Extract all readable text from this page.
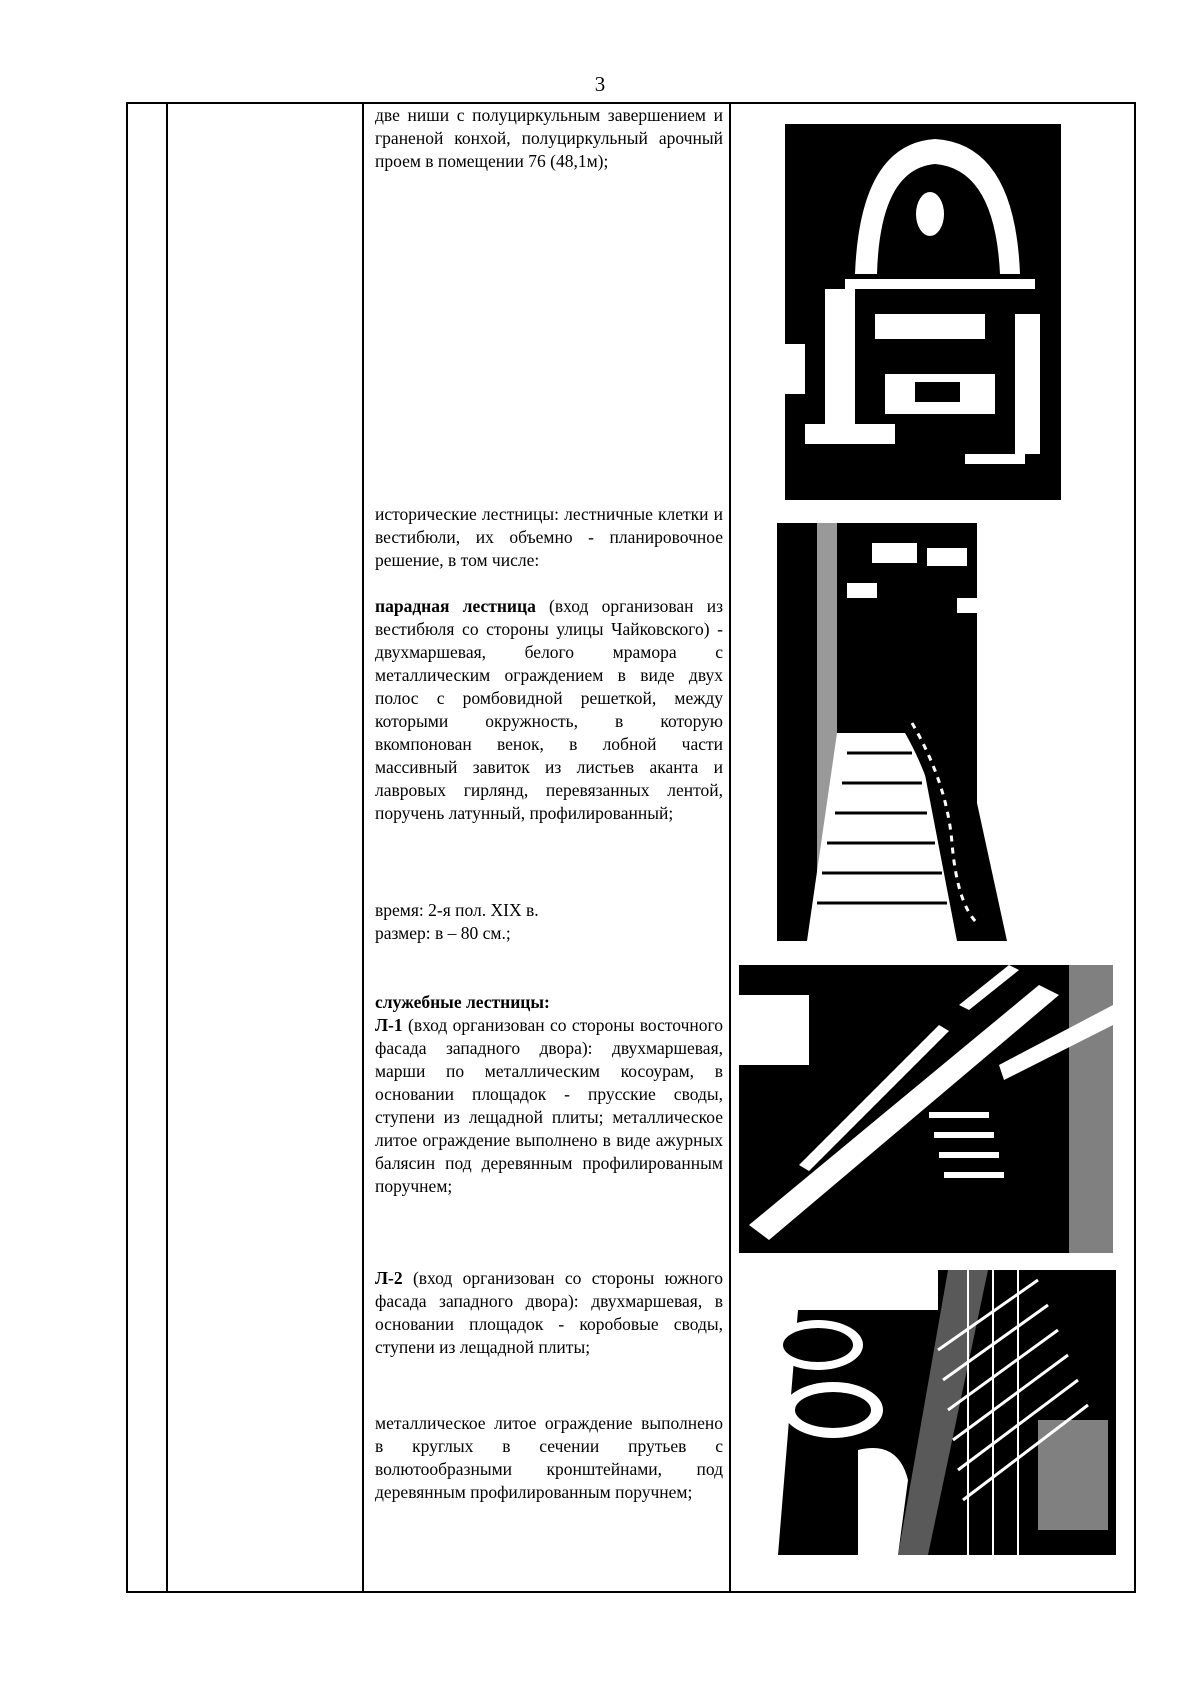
3

две ниши с полуциркульным завершением и граненой конхой, полуциркульный арочный проем в помещении 76 (48,1м);

исторические лестницы: лестничные клетки и вестибюли, их объемно - планировочное решение, в том числе:

парадная лестница (вход организован из вестибюля со стороны улицы Чайковского) - двухмаршевая, белого мрамора с металлическим ограждением в виде двух полос с ромбовидной решеткой, между которыми окружность, в которую вкомпонован венок, в лобной части массивный завиток из листьев аканта и лавровых гирлянд, перевязанных лентой, поручень латунный, профилированный;

время: 2-я пол. XIX в.

размер: в – 80 см.;

служебные лестницы:

Л-1 (вход организован со стороны восточного фасада западного двора): двухмаршевая, марши по металлическим косоурам, в основании площадок - прусские своды, ступени из лещадной плиты; металлическое литое ограждение выполнено в виде ажурных балясин под деревянным профилированным поручнем;

Л-2 (вход организован со стороны южного фасада западного двора): двухмаршевая, в основании площадок - коробовые своды, ступени из лещадной плиты;

металлическое литое ограждение выполнено в круглых в сечении прутьев с волютообразными кронштейнами, под деревянным профилированным поручнем;
